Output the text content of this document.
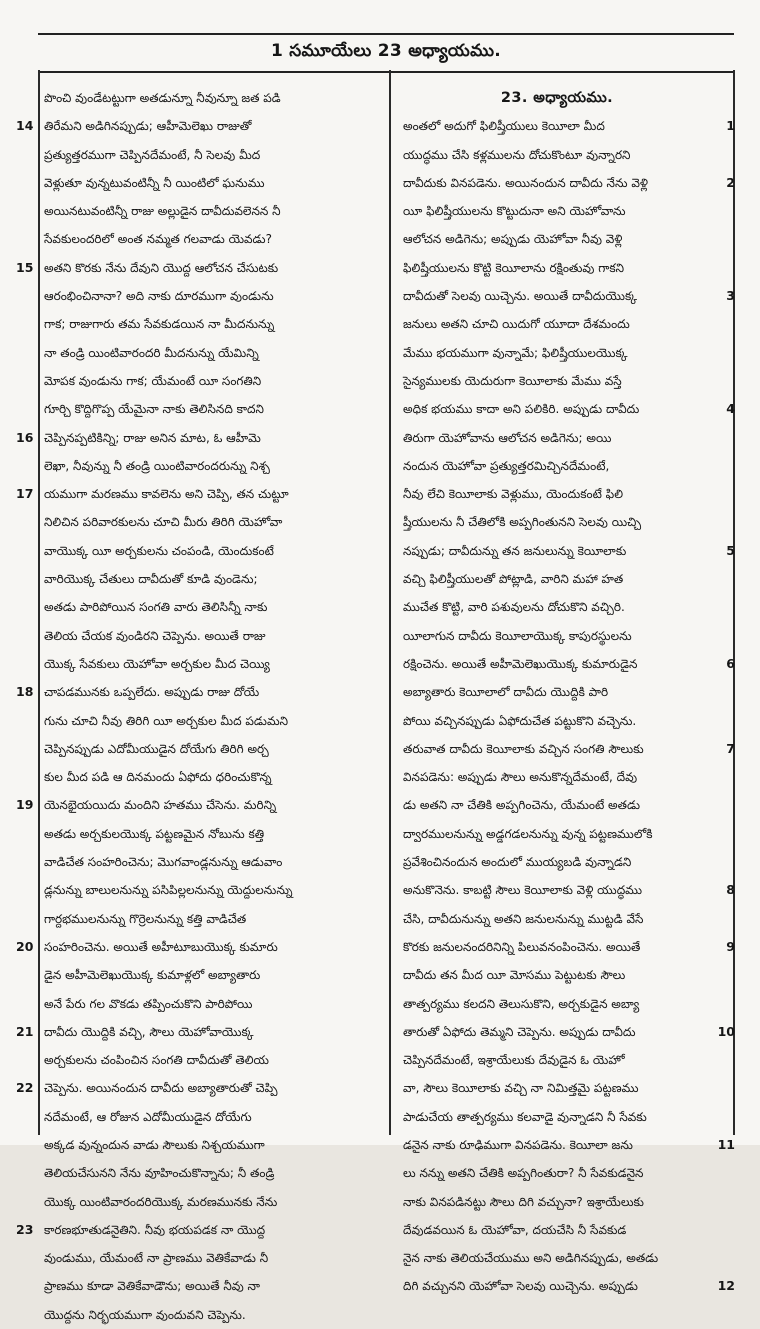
1 సమూయేలు 23 అధ్యాయము.
పొంచి వుండేటట్టుగా అతడున్నూ నీవున్నూ జత పడి
14 తిరేమని అడిగినప్పుడు; ఆహీమెలెఖు రాజుతో
ప్రత్యుత్తరముగా చెప్పినదేమంటే, నీ సెలవు మీద
వెళ్లుతూ వున్నటువంటిన్నీ నీ యింటిలో ఘనుము
అయినటువంటిన్నీ రాజు అల్లుడైన దావీదువలెనన నీ
సేవకులందరిలో అంత నమ్మత గలవాడు యెవడు?
15 అతని కొరకు నేను దేవుని యొద్ద ఆలోచన చేసుటకు
ఆరంభించినానా? అది నాకు దూరముగా వుండును
గాక; రాజుగారు తమ సేవకుడయిన నా మీదనున్ను
నా తండ్రి యింటివారందరి మీదనున్ను యేమిన్ని
మోపక వుండును గాక; యేమంటే యీ సంగతిని
గూర్చి కొద్దిగొప్ప యేమైనా నాకు తెలిసినది కాదని
16 చెప్పినప్పటికిన్ని; రాజు అనిన మాట, ఓ ఆహీమె
లెఖా, నీవున్ను నీ తండ్రి యింటివారందరున్ను నిశ్చ
17 యముగా మరణము కావలెను అని చెప్పి, తన చుట్టూ
నిలిచిన పరివారకులను చూచి మీరు తిరిగి యెహోవా
వాయొక్క యీ అర్చకులను చంపండి, యెందుకంటే
వారియొక్క చేతులు దావీదుతో కూడి వుండెను;
అతడు పారిపోయిన సంగతి వారు తెలిసిన్నీ నాకు
తెలియ చేయక వుండిరని చెప్పెను. అయితే రాజు
యొక్క సేవకులు యెహోవా అర్చకుల మీద చెయ్యి
18 చాపడమునకు ఒప్పలేదు. అప్పుడు రాజు దోయే
గును చూచి నీవు తిరిగి యీ అర్చకుల మీద పడుమని
చెప్పినప్పుడు ఎదోమీయుడైన దోయేగు తిరిగి అర్చ
కుల మీద పడి ఆ దినమందు ఏఫోదు ధరించుకొన్న
19 యెనభైయయిదు మందిని హతము చేసెను. మరిన్ని
అతడు అర్చకులయొక్క పట్టణమైన నోబును కత్తి
వాడిచేత సంహరించెను; మొగవాండ్లనున్ను ఆడువాం
డ్లనున్ను బాలులనున్ను పసిపిల్లలనున్ను యెద్దులనున్ను
గార్దభములనున్ను గొర్రెలనున్ను కత్తి వాడిచేత
20 సంహరించెను. అయితే అహీటూబుయొక్క కుమారు
డైన అహీమెలెఖుయొక్క కుమాళ్లలో అబ్యాతారు
అనే పేరు గల వొకడు తప్పించుకొని పారిపోయి
21 దావీదు యొద్దికి వచ్చి, సౌలు యెహోవాయొక్క
అర్చకులను చంపించిన సంగతి దావీదుతో తెలియ
22 చెప్పెను. అయినందున దావీదు అబ్యాతారుతో చెప్పి
నదేమంటే, ఆ రోజున ఎదోమీయుడైన దోయేగు
అక్కడ వున్నందున వాడు సౌలుకు నిశ్చయముగా
తెలియచేసునని నేను వూహించుకొన్నాను; నీ తండ్రి
యొక్క యింటివారందరియొక్క మరణమునకు నేను
23 కారణభూతుడనైతిని. నీవు భయపడక నా యొద్ద
వుండుము, యేమంటే నా ప్రాణము వెతికేవాడు నీ
ప్రాణము కూడా వెతికేవాడౌను; అయితే నీవు నా
యొద్దను నిర్భయముగా వుందువని చెప్పెను.
23. అధ్యాయము.
1
అంతలో అదుగో ఫిలిష్తీయులు కెయీలా మీద
యుద్ధము చేసి కళ్లములను దోచుకొంటూ వున్నారని
2
దావీదుకు వినపడెను. అయినందున దావీదు నేను వెళ్లి
యీ ఫిలిష్తీయులను కొట్టుదునా అని యెహోవాను
ఆలోచన అడిగెను; అప్పుడు యెహోవా నీవు వెళ్లి
ఫిలిష్తీయులను కొట్టి కెయీలాను రక్షింతువు గాకని
3
దావీదుతో సెలవు యిచ్చెను. అయితే దావీదుయొక్క
జనులు అతని చూచి యిదుగో యూదా దేశమందు
మేము భయముగా వున్నామే; ఫిలిష్తీయులయొక్క
సైన్యములకు యెదురుగా కెయీలాకు మేము వస్తే
4
అధిక భయము కాదా అని పలికిరి. అప్పుడు దావీదు
తిరుగా యెహోవాను ఆలోచన అడిగెను; అయి
నందున యెహోవా ప్రత్యుత్తరమిచ్చినదేమంటే,
నీవు లేచి కెయీలాకు వెళ్లుము, యెందుకంటే ఫిలి
ష్తీయులను నీ చేతిలోకి అప్పగింతునని సెలవు యిచ్చి
5
నప్పుడు; దావీదున్ను తన జనులున్ను కెయీలాకు
వచ్చి ఫిలిష్తీయులతో పోట్లాడి, వారిని మహా హత
ముచేత కొట్టి, వారి పశువులను దోచుకొని వచ్చిరి.
యీలాగున దావీదు కెయీలాయొక్క కాపురస్థులను
6
రక్షించెను. అయితే అహీమెలెఖుయొక్క కుమారుడైన
అబ్యాతారు కెయీలాలో దావీదు యొద్దికి పారి
పోయి వచ్చినప్పుడు ఏఫోదుచేత పట్టుకొని వచ్చెను.
7
తరువాత దావీదు కెయీలాకు వచ్చిన సంగతి సౌలుకు
వినపడెను: అప్పుడు సౌలు అనుకొన్నదేమంటే, దేవు
డు అతని నా చేతికి అప్పగించెను, యేమంటే అతడు
ద్వారములనున్ను అడ్డగడలనున్ను వున్న పట్టణములోకి
ప్రవేశించినందున అందులో ముయ్యబడి వున్నాడని
8
అనుకొనెను. కాబట్టి సౌలు కెయీలాకు వెళ్లి యుద్ధము
చేసి, దావీదునున్ను అతని జనులనున్ను ముట్టడి వేసే
9
కొరకు జనులనందరినిన్ని పిలువనంపించెను. అయితే
దావీదు తన మీద యీ మోసము పెట్టుటకు సౌలు
తాత్పర్యము కలదని తెలుసుకొని, అర్చకుడైన అబ్యా
10
తారుతో ఏఫోదు తెమ్మని చెప్పెను. అప్పుడు దావీదు
చెప్పినదేమంటే, ఇశ్రాయేలుకు దేవుడైన ఓ యెహో
వా, సౌలు కెయీలాకు వచ్చి నా నిమిత్తమై పట్టణము
పాడుచేయ తాత్పర్యము కలవాడై వున్నాడని నీ సేవకు
11
డనైన నాకు రూఢిముగా వినపడెను. కెయీలా జను
లు నన్ను అతని చేతికి అప్పగింతురా? నీ సేవకుడనైన
నాకు వినపడినట్టు సౌలు దిగి వచ్చునా? ఇశ్రాయేలుకు
దేవుడవయిన ఓ యెహోవా, దయచేసి నీ సేవకుడ
నైన నాకు తెలియచేయుము అని అడిగినప్పుడు, అతడు
12
దిగి వచ్చునని యెహోవా సెలవు యిచ్చెను. అప్పుడు
